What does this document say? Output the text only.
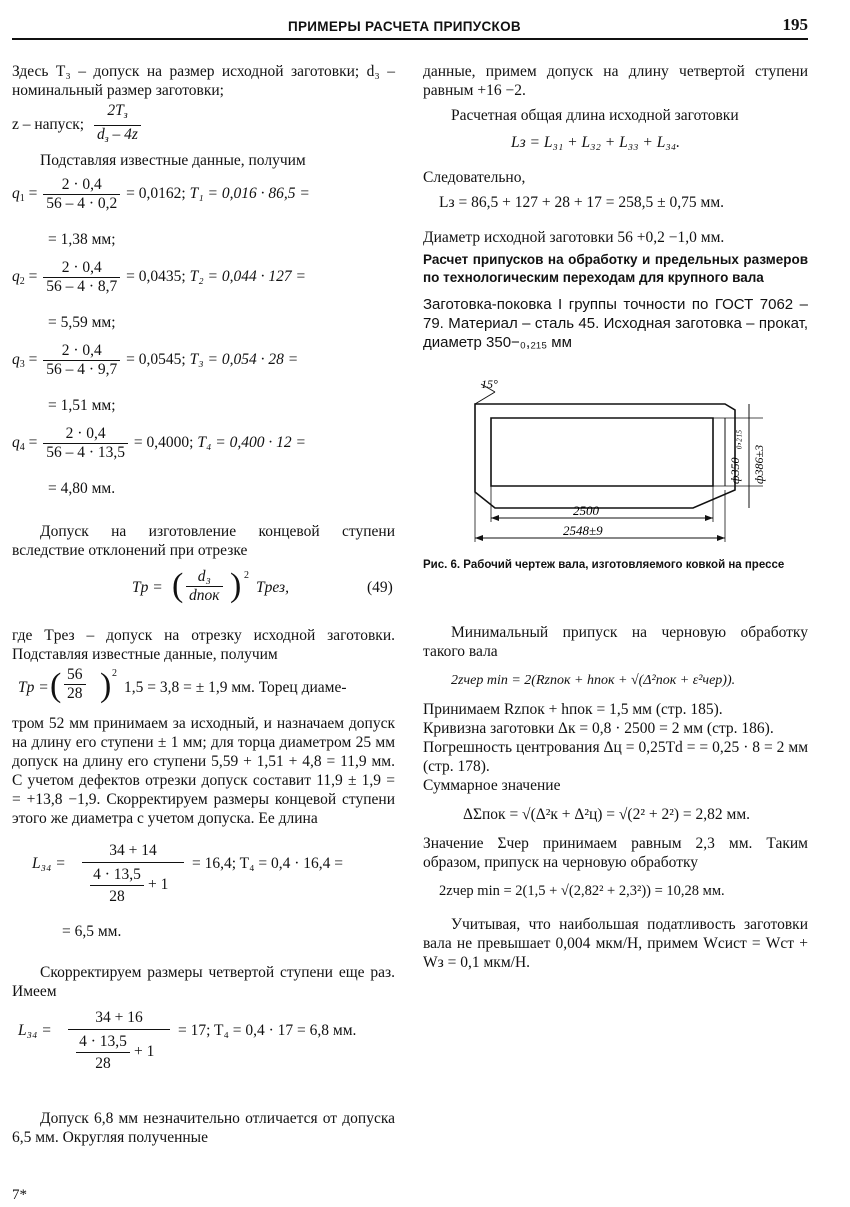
ПРИМЕРЫ РАСЧЕТА ПРИПУСКОВ	195

Здесь T₃ – допуск на размер исходной заготовки; d₃ – номинальный размер заготовки;

z – напуск; $\frac{2T_з}{d_з - 4z}$

Подставляя известные данные, получим

$q_1 = \frac{2 \cdot 0,4}{56 - 4 \cdot 0,2} = 0,0162$; T₁ = 0,016 · 86,5 =
= 1,38 мм;
$q_2 = \frac{2 \cdot 0,4}{56 - 4 \cdot 8,7} = 0,0435$; T₂ = 0,044 · 127 =
= 5,59 мм;
$q_3 = \frac{2 \cdot 0,4}{56 - 4 \cdot 9,7} = 0,0545$; T₃ = 0,054 · 28 =
= 1,51 мм;
$q_4 = \frac{2 \cdot 0,4}{56 - 4 \cdot 13,5} = 0,4000$; T₄ = 0,400 · 12 =
= 4,80 мм.

Допуск на изготовление концевой ступени вследствие отклонений при отрезке

Tр = ( d₃
dпок ) 2
Tрез,	(49)

где Tрез – допуск на отрезку исходной заготовки. Подставляя известные данные, получим

Tр = ( $\frac{56}{28}$ ) 2
1,5 = 3,8 = ± 1,9 мм. Торец диаме-

тром 52 мм принимаем за исходный, и назначаем допуск на длину его ступени ± 1 мм; для торца диаметром 25 мм допуск на длину его ступени 5,59 + 1,51 + 4,8 = 11,9 мм. С учетом дефектов отрезки допуск составит 11,9 ± 1,9 = = +13,8 −1,9. Скорректируем размеры концевой ступени этого же диаметра с учетом допуска. Ее длина

L₃₄ = 34 + 14
4 · 13,5
28
+ 1 = 16,4; T₄ = 0,4 · 16,4 =
= 6,5 мм.

Скорректируем размеры четвертой ступени еще раз. Имеем

L₃₄ = 34 + 16
4 · 13,5
28
+ 1 = 17; T₄ = 0,4 · 17 = 6,8 мм.

Допуск 6,8 мм незначительно отличается от допуска 6,5 мм. Округляя полученные

7*

данные, примем допуск на длину четвертой ступени равным +16 −2.

Расчетная общая длина исходной заготовки

Lз = L₃₁ + L₃₂ + L₃₃ + L₃₄.

Следовательно,

Lз = 86,5 + 127 + 28 + 17 = 258,5 ± 0,75 мм.

Диаметр исходной заготовки 56 +0,2 −1,0 мм.

Расчет припусков на обработку и предельных размеров по технологическим переходам для крупного вала

Заготовка-поковка I группы точности по ГОСТ 7062 – 79. Материал – сталь 45. Исходная заготовка – прокат, диаметр 350−₀,₂₁₅ мм

15°
2500
2548±9
ф350−₀,₂₁₅ ф386±3

Рис. 6. Рабочий чертеж вала, изготовляемого ковкой на прессе

Минимальный припуск на черновую обработку такого вала

2zчер min = 2(Rzпок + hпок + √(Δ²пок + ε²чер)).

Принимаем Rzпок + hпок = 1,5 мм (стр. 185).

Кривизна заготовки Δк = 0,8 · 2500 = 2 мм (стр. 186).

Погрешность центрования Δц = 0,25Td = = 0,25 · 8 = 2 мм (стр. 178).

Суммарное значение

ΔΣпок = √(Δ²к + Δ²ц) = √(2² + 2²) = 2,82 мм.

Значение Σчер принимаем равным 2,3 мм. Таким образом, припуск на черновую обработку

2zчер min = 2(1,5 + √(2,82² + 2,3²)) = 10,28 мм.

Учитывая, что наибольшая податливость заготовки вала не превышает 0,004 мкм/Н, примем Wсист = Wст + Wз = 0,1 мкм/Н.
